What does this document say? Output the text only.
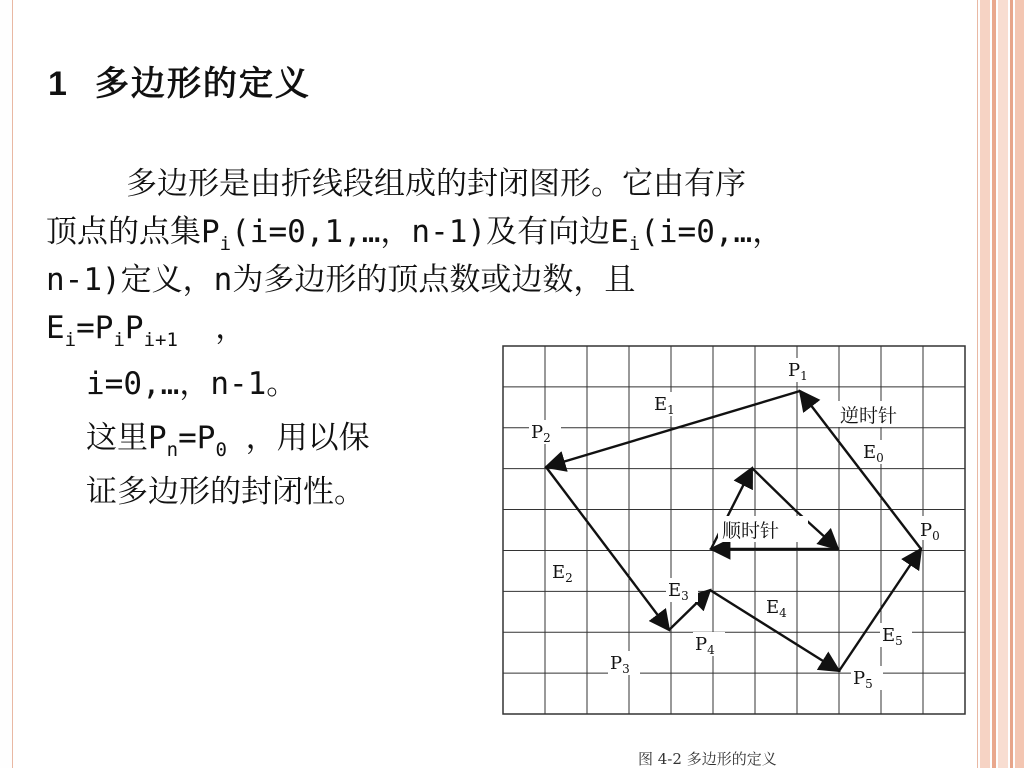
1 多边形的定义
多边形是由折线段组成的封闭图形。它由有序
顶点的点集$P_i(i=0,1,\dots$，n-1)及有向边$E_i(i=0,\dots$，
n-1)定义，n为多边形的顶点数或边数，且
$E_i=P_iP_{i+1}$  ，
i=0,…，n-1。
这里$P_n=P_0$ ，用以保
证多边形的封闭性。
顺时针
逆时针
$P_0$
$P_1$
$P_2$
$P_3$
$P_4$
$P_5$
$E_0$
$E_1$
$E_2$
$E_3$
$E_4$
$E_5$
图 4-2 多边形的定义
